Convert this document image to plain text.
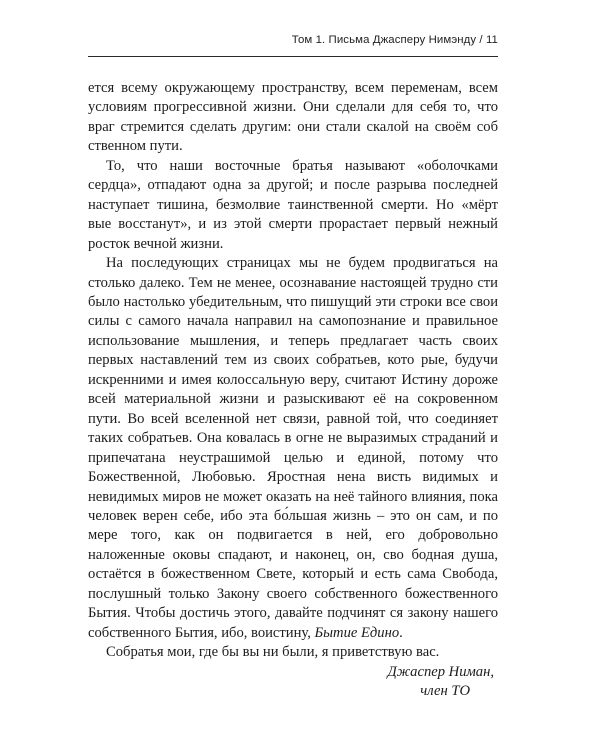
Том 1. Письма Джасперу Нимэнду / 11

ется всему окружающему пространству, всем переменам, всем условиям прогрессивной жизни. Они сделали для себя то, что враг стремится сделать другим: они стали скалой на своём соб ственном пути.

То, что наши восточные братья называют «оболочками сердца», отпадают одна за другой; и после разрыва последней наступает тишина, безмолвие таинственной смерти. Но «мёрт вые восстанут», и из этой смерти прорастает первый нежный росток вечной жизни.

На последующих страницах мы не будем продвигаться на столько далеко. Тем не менее, осознавание настоящей трудно сти было настолько убедительным, что пишущий эти строки все свои силы с самого начала направил на самопознание и правильное использование мышления, и теперь предлагает часть своих первых наставлений тем из своих собратьев, кото рые, будучи искренними и имея колоссальную веру, считают Истину дороже всей материальной жизни и разыскивают её на сокровенном пути. Во всей вселенной нет связи, равной той, что соединяет таких собратьев. Она ковалась в огне не выразимых страданий и припечатана неустрашимой целью и единой, потому что Божественной, Любовью. Яростная нена висть видимых и невидимых миров не может оказать на неё тайного влияния, пока человек верен себе, ибо эта бо́льшая жизнь – это он сам, и по мере того, как он подвигается в ней, его добровольно наложенные оковы спадают, и наконец, он, сво бодная душа, остаётся в божественном Свете, который и есть сама Свобода, послушный только Закону своего собственного божественного Бытия. Чтобы достичь этого, давайте подчинят ся закону нашего собственного Бытия, ибо, воистину, Бытие Едино.

Собратья мои, где бы вы ни были, я приветствую вас.

Джаспер Ниман,
член ТО
